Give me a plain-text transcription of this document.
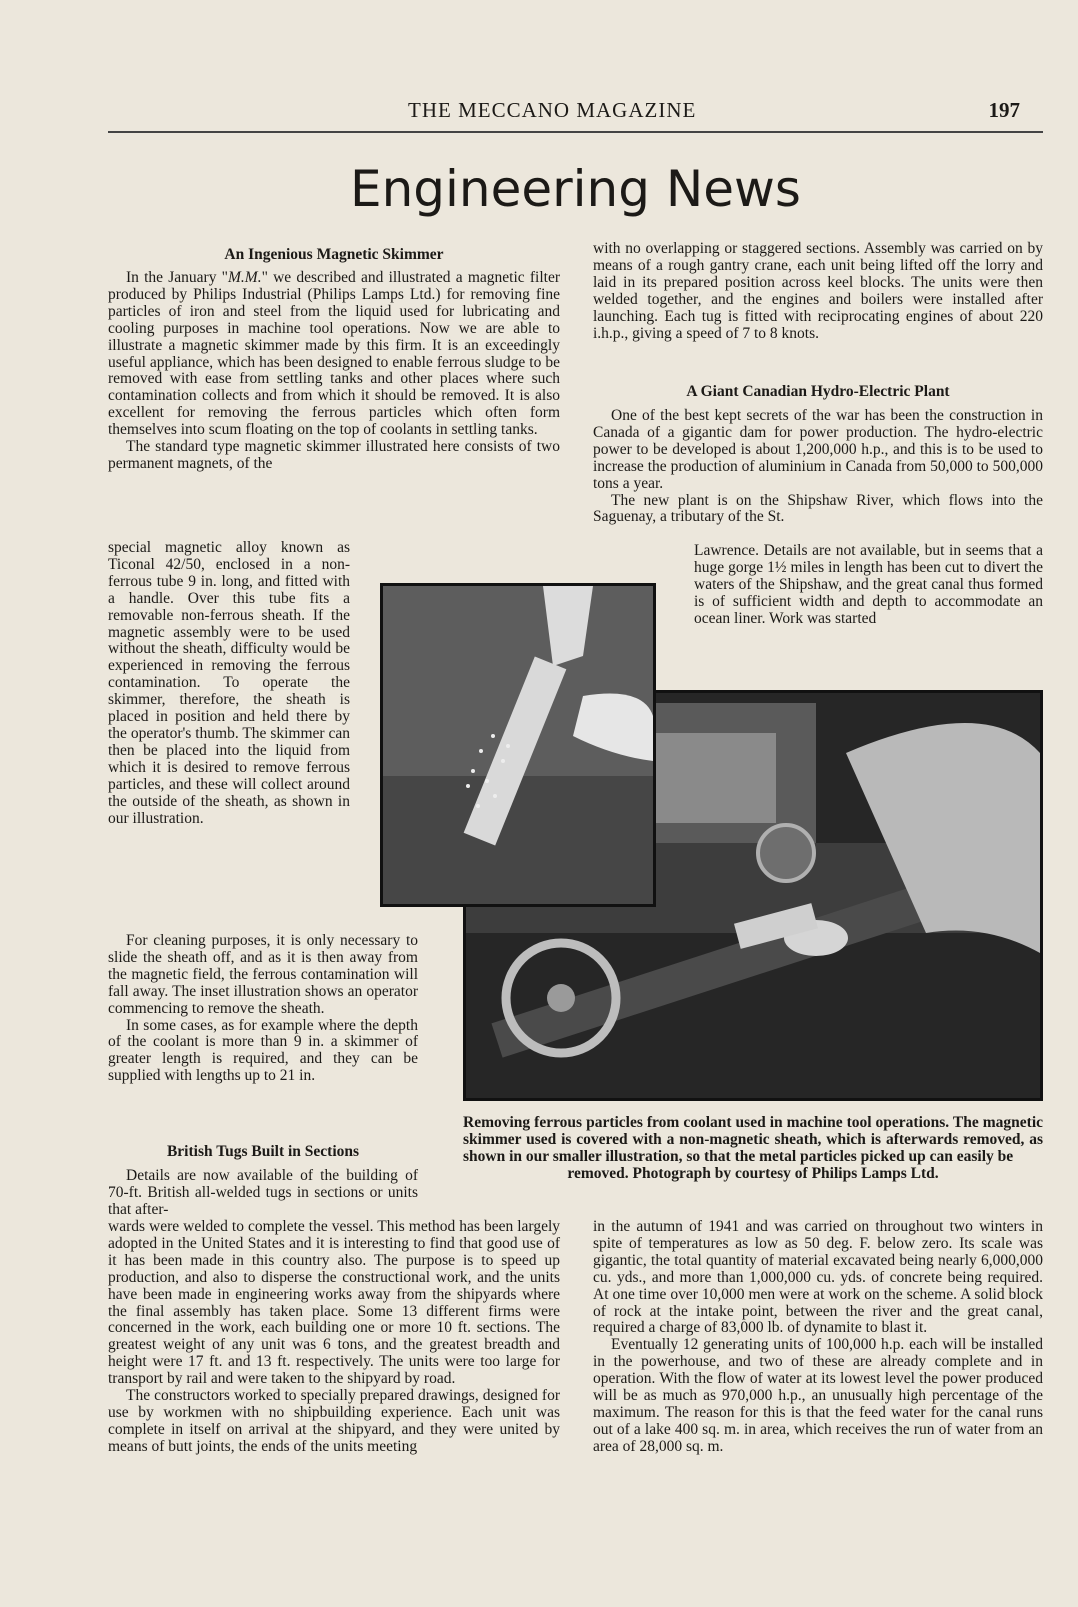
THE MECCANO MAGAZINE	197
Engineering News
An Ingenious Magnetic Skimmer

In the January "M.M." we described and illustrated a magnetic filter produced by Philips Industrial (Philips Lamps Ltd.) for removing fine particles of iron and steel from the liquid used for lubricating and cooling purposes in machine tool operations. Now we are able to illustrate a magnetic skimmer made by this firm. It is an exceedingly useful appliance, which has been designed to enable ferrous sludge to be removed with ease from settling tanks and other places where such contamination collects and from which it should be removed. It is also excellent for removing the ferrous particles which often form themselves into scum floating on the top of coolants in settling tanks.

The standard type magnetic skimmer illustrated here consists of two permanent magnets, of the

special magnetic alloy known as Ticonal 42/50, enclosed in a non-ferrous tube 9 in. long, and fitted with a handle. Over this tube fits a removable non-ferrous sheath. If the magnetic assembly were to be used without the sheath, difficulty would be experienced in removing the ferrous contamination. To operate the skimmer, therefore, the sheath is placed in position and held there by the operator's thumb. The skimmer can then be placed into the liquid from which it is desired to remove ferrous particles, and these will collect around the outside of the sheath, as shown in our illustration.

For cleaning purposes, it is only necessary to slide the sheath off, and as it is then away from the magnetic field, the ferrous contamination will fall away. The inset illustration shows an operator commencing to remove the sheath.

In some cases, as for example where the depth of the coolant is more than 9 in. a skimmer of greater length is required, and they can be supplied with lengths up to 21 in.

British Tugs Built in Sections

Details are now available of the building of 70-ft. British all-welded tugs in sections or units that after-

wards were welded to complete the vessel. This method has been largely adopted in the United States and it is interesting to find that good use of it has been made in this country also. The purpose is to speed up production, and also to disperse the constructional work, and the units have been made in engineering works away from the shipyards where the final assembly has taken place. Some 13 different firms were concerned in the work, each building one or more 10 ft. sections. The greatest weight of any unit was 6 tons, and the greatest breadth and height were 17 ft. and 13 ft. respectively. The units were too large for transport by rail and were taken to the shipyard by road.

The constructors worked to specially prepared drawings, designed for use by workmen with no shipbuilding experience. Each unit was complete in itself on arrival at the shipyard, and they were united by means of butt joints, the ends of the units meeting

with no overlapping or staggered sections. Assembly was carried on by means of a rough gantry crane, each unit being lifted off the lorry and laid in its prepared position across keel blocks. The units were then welded together, and the engines and boilers were installed after launching. Each tug is fitted with reciprocating engines of about 220 i.h.p., giving a speed of 7 to 8 knots.

A Giant Canadian Hydro-Electric Plant

One of the best kept secrets of the war has been the construction in Canada of a gigantic dam for power production. The hydro-electric power to be developed is about 1,200,000 h.p., and this is to be used to increase the production of aluminium in Canada from 50,000 to 500,000 tons a year.

The new plant is on the Shipshaw River, which flows into the Saguenay, a tributary of the St.

Lawrence. Details are not available, but in seems that a huge gorge 1½ miles in length has been cut to divert the waters of the Shipshaw, and the great canal thus formed is of sufficient width and depth to accommodate an ocean liner. Work was started

in the autumn of 1941 and was carried on throughout two winters in spite of temperatures as low as 50 deg. F. below zero. Its scale was gigantic, the total quantity of material excavated being nearly 6,000,000 cu. yds., and more than 1,000,000 cu. yds. of concrete being required. At one time over 10,000 men were at work on the scheme. A solid block of rock at the intake point, between the river and the great canal, required a charge of 83,000 lb. of dynamite to blast it.

Eventually 12 generating units of 100,000 h.p. each will be installed in the powerhouse, and two of these are already complete and in operation. With the flow of water at its lowest level the power produced will be as much as 970,000 h.p., an unusually high percentage of the maximum. The reason for this is that the feed water for the canal runs out of a lake 400 sq. m. in area, which receives the run of water from an area of 28,000 sq. m.

Removing ferrous particles from coolant used in machine tool operations. The magnetic skimmer used is covered with a non-magnetic sheath, which is afterwards removed, as shown in our smaller illustration, so that the metal particles picked up can easily be
removed. Photograph by courtesy of Philips Lamps Ltd.
